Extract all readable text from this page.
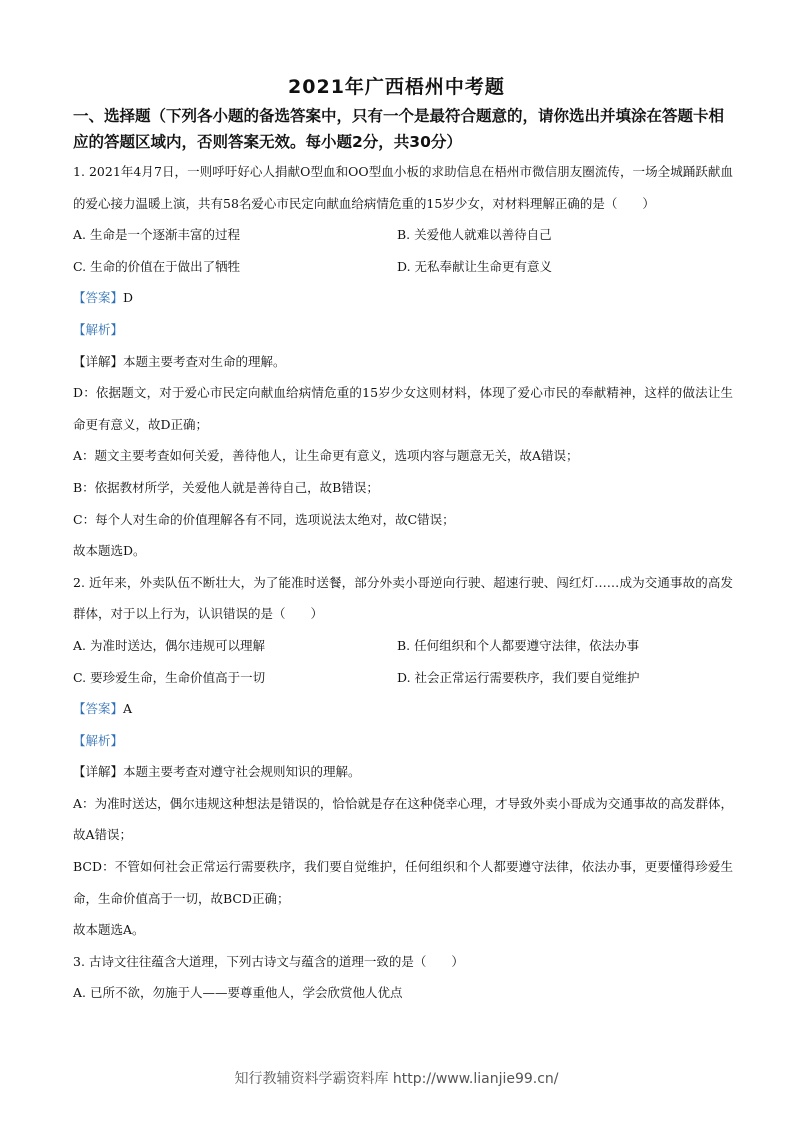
2021年广西梧州中考题
一、选择题（下列各小题的备选答案中，只有一个是最符合题意的，请你选出并填涂在答题卡相应的答题区域内，否则答案无效。每小题2分，共30分）

1. 2021年4月7日，一则呼吁好心人捐献O型血和OO型血小板的求助信息在梧州市微信朋友圈流传，一场全城踊跃献血的爱心接力温暖上演，共有58名爱心市民定向献血给病情危重的15岁少女，对材料理解正确的是（　　）

A. 生命是一个逐渐丰富的过程	B. 关爱他人就难以善待自己
C. 生命的价值在于做出了牺牲	D. 无私奉献让生命更有意义

【答案】D

【解析】

【详解】本题主要考查对生命的理解。

D：依据题文，对于爱心市民定向献血给病情危重的15岁少女这则材料，体现了爱心市民的奉献精神，这样的做法让生命更有意义，故D正确；

A：题文主要考查如何关爱，善待他人，让生命更有意义，选项内容与题意无关，故A错误；

B：依据教材所学，关爱他人就是善待自己，故B错误；

C：每个人对生命的价值理解各有不同，选项说法太绝对，故C错误；

故本题选D。

2. 近年来，外卖队伍不断壮大，为了能准时送餐，部分外卖小哥逆向行驶、超速行驶、闯红灯……成为交通事故的高发群体，对于以上行为，认识错误的是（　　）

A. 为准时送达，偶尔违规可以理解	B. 任何组织和个人都要遵守法律，依法办事
C. 要珍爱生命，生命价值高于一切	D. 社会正常运行需要秩序，我们要自觉维护

【答案】A

【解析】

【详解】本题主要考查对遵守社会规则知识的理解。

A：为准时送达，偶尔违规这种想法是错误的，恰恰就是存在这种侥幸心理，才导致外卖小哥成为交通事故的高发群体，故A错误；

BCD：不管如何社会正常运行需要秩序，我们要自觉维护，任何组织和个人都要遵守法律，依法办事，更要懂得珍爱生命，生命价值高于一切，故BCD正确；

故本题选A。

3. 古诗文往往蕴含大道理，下列古诗文与蕴含的道理一致的是（　　）

A. 已所不欲，勿施于人——要尊重他人，学会欣赏他人优点

知行教辅资料学霸资料库 http://www.lianjie99.cn/
